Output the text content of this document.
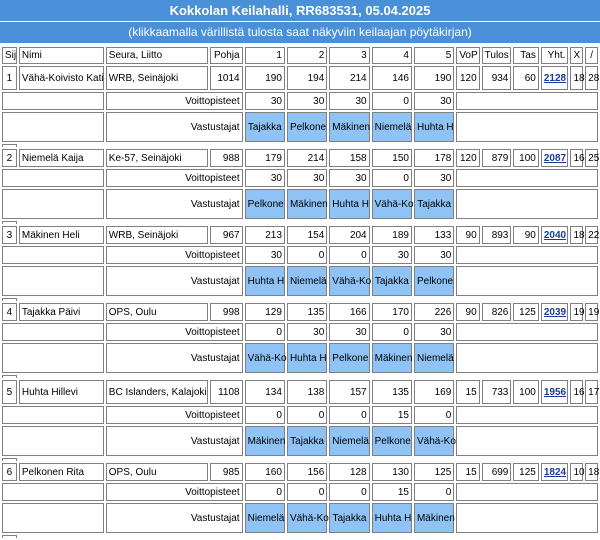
Kokkolan Keilahalli, RR683531, 05.04.2025
(klikkaamalla värillistä tulosta saat näkyviin keilaajan pöytäkirjan)
Sij	Nimi	Seura, Liitto	Pohja	1	2	3	4	5	VoP	Tulos	Tas	Yht.	X	/
1	Vähä-Koivisto Kati	WRB, Seinäjoki	1014	190	194	214	146	190	120	934	60	2128	18	28
		Voittopisteet		30	30	30	0	30						
		Vastustajat		Tajakka	Pelkone	Mäkinen	Niemelä	Huhta H						

2	Niemelä Kaija	Ke-57, Seinäjoki	988	179	214	158	150	178	120	879	100	2087	16	25
		Voittopisteet		30	30	30	0	30						
		Vastustajat		Pelkone	Mäkinen	Huhta H	Vähä-Ko	Tajakka						

3	Mäkinen Heli	WRB, Seinäjoki	967	213	154	204	189	133	90	893	90	2040	18	22
		Voittopisteet		30	0	0	30	30						
		Vastustajat		Huhta H	Niemelä	Vähä-Ko	Tajakka	Pelkone						

4	Tajakka Päivi	OPS, Oulu	998	129	135	166	170	226	90	826	125	2039	19	19
		Voittopisteet		0	30	30	0	30						
		Vastustajat		Vähä-Ko	Huhta H	Pelkone	Mäkinen	Niemelä						

5	Huhta Hillevi	BC Islanders, Kalajoki	1108	134	138	157	135	169	15	733	100	1956	16	17
		Voittopisteet		0	0	0	15	0						
		Vastustajat		Mäkinen	Tajakka	Niemelä	Pelkone	Vähä-Ko						

6	Pelkonen Rita	OPS, Oulu	985	160	156	128	130	125	15	699	125	1824	10	18
		Voittopisteet		0	0	0	15	0						
		Vastustajat		Niemelä	Vähä-Ko	Tajakka	Huhta H	Mäkinen						
